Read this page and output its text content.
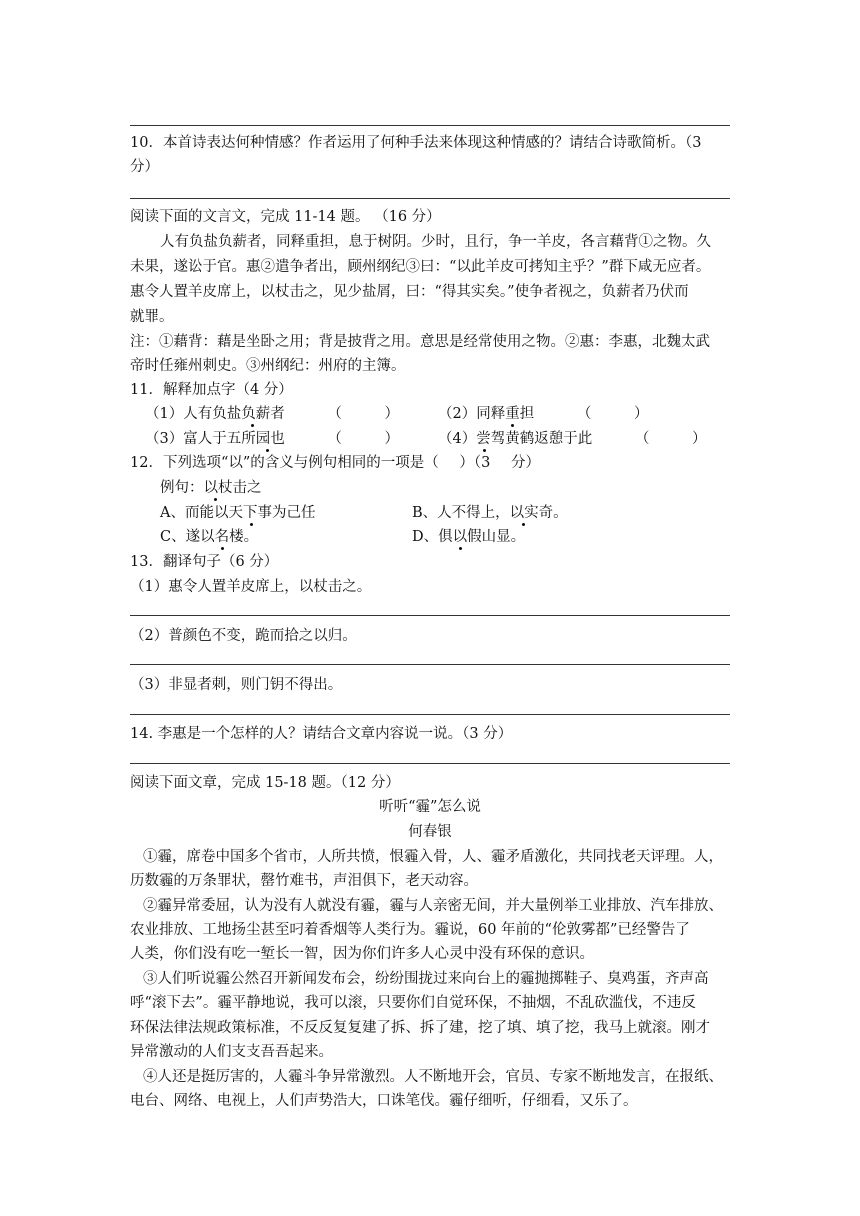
10．本首诗表达何种情感？作者运用了何种手法来体现这种情感的？请结合诗歌简析。（3
分）
阅读下面的文言文，完成 11-14 题。 （16 分）
人有负盐负薪者，同释重担，息于树阴。少时，且行，争一羊皮，各言藉背①之物。久
未果，遂讼于官。惠②遣争者出，顾州纲纪③曰：“以此羊皮可拷知主乎？”群下咸无应者。
惠令人置羊皮席上，以杖击之，见少盐屑，曰：“得其实矣。”使争者视之，负薪者乃伏而
就罪。
注：①藉背：藉是坐卧之用；背是披背之用。意思是经常使用之物。②惠：李惠，北魏太武
帝时任雍州刺史。③州纲纪：州府的主簿。
11．解释加点字（4 分）
（1）人有负盐负薪者 （ ）	（2）同释重担 （ ）
（3）富人于五所园也 （ ）	（4）尝驾黄鹤返憩于此 （ ）
12．下列选项“以”的含义与例句相同的一项是（ ）（3 分）
例句：以杖击之
A、而能以天下事为己任	B、人不得上，以实奇。
C、遂以名楼。	D、俱以假山显。
13．翻译句子（6 分）
（1）惠令人置羊皮席上，以杖击之。
（2）普颜色不变，跪而拾之以归。
（3）非显者刺，则门钥不得出。
14. 李惠是一个怎样的人？请结合文章内容说一说。（3 分）
阅读下面文章，完成 15-18 题。（12 分）
听听“霾”怎么说
何春银
①霾，席卷中国多个省市，人所共愤，恨霾入骨，人、霾矛盾激化，共同找老天评理。人，
历数霾的万条罪状，罄竹难书，声泪俱下，老天动容。
②霾异常委屈，认为没有人就没有霾，霾与人亲密无间，并大量例举工业排放、汽车排放、
农业排放、工地扬尘甚至叼着香烟等人类行为。霾说，60 年前的“伦敦雾都”已经警告了
人类，你们没有吃一堑长一智，因为你们许多人心灵中没有环保的意识。
③人们听说霾公然召开新闻发布会，纷纷围拢过来向台上的霾抛掷鞋子、臭鸡蛋，齐声高
呼“滚下去”。霾平静地说，我可以滚，只要你们自觉环保，不抽烟，不乱砍滥伐，不违反
环保法律法规政策标准，不反反复复建了拆、拆了建，挖了填、填了挖，我马上就滚。刚才
异常激动的人们支支吾吾起来。
④人还是挺厉害的，人霾斗争异常激烈。人不断地开会，官员、专家不断地发言，在报纸、
电台、网络、电视上，人们声势浩大，口诛笔伐。霾仔细听，仔细看，又乐了。
